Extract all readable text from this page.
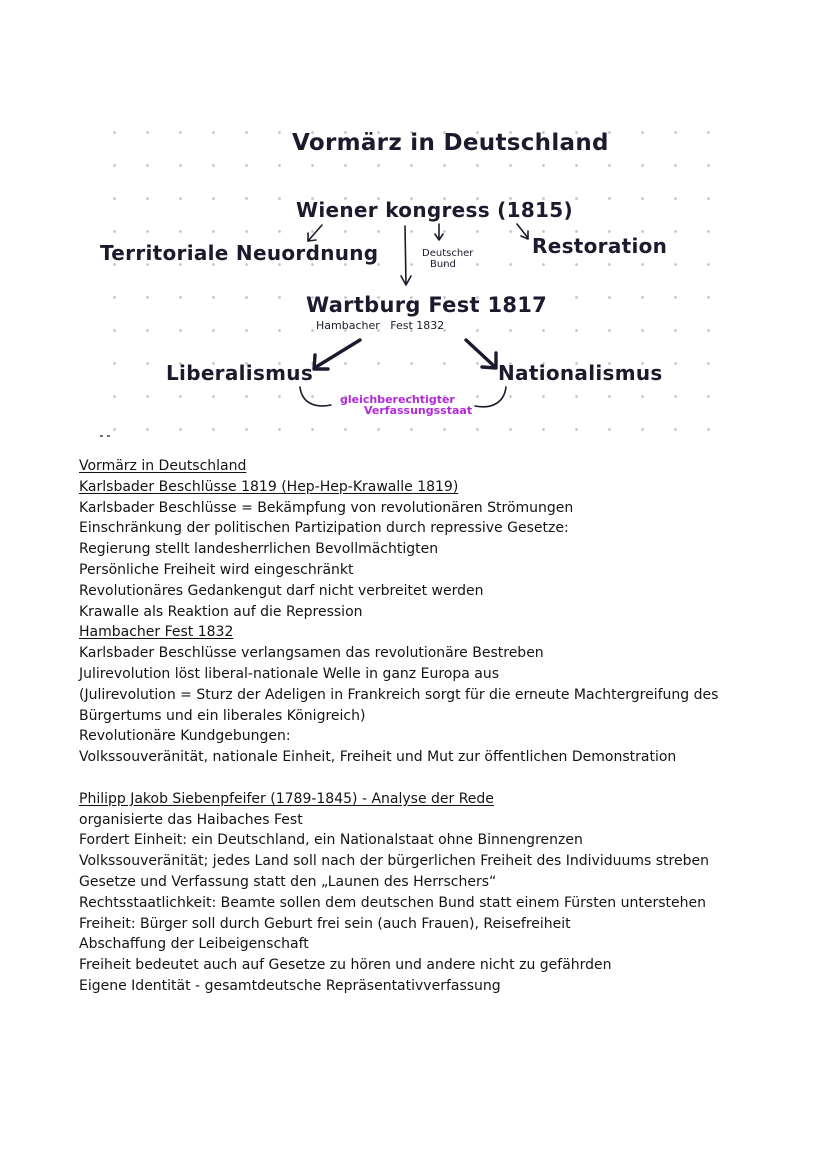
Vormärz in Deutschland
Wiener kongress (1815)
Territoriale Neuordnung	Deutscher
Bund
Restoration
Wartburg Fest 1817
Hambacher   Fest 1832
Liberalismus	Nationalismus
gleichberechtigter
Verfassungsstaat
Vormärz in Deutschland
Karlsbader Beschlüsse 1819 (Hep-Hep-Krawalle 1819)
Karlsbader Beschlüsse = Bekämpfung von revolutionären Strömungen
Einschränkung der politischen Partizipation durch repressive Gesetze:
Regierung stellt landesherrlichen Bevollmächtigten
Persönliche Freiheit wird eingeschränkt
Revolutionäres Gedankengut darf nicht verbreitet werden
Krawalle als Reaktion auf die Repression
Hambacher Fest 1832
Karlsbader Beschlüsse verlangsamen das revolutionäre Bestreben
Julirevolution löst liberal-nationale Welle in ganz Europa aus
(Julirevolution = Sturz der Adeligen in Frankreich sorgt für die erneute Machtergreifung des
Bürgertums und ein liberales Königreich)
Revolutionäre Kundgebungen:
Volkssouveränität, nationale Einheit, Freiheit und Mut zur öffentlichen Demonstration
Philipp Jakob Siebenpfeifer (1789-1845) - Analyse der Rede
organisierte das Haibaches Fest
Fordert Einheit: ein Deutschland, ein Nationalstaat ohne Binnengrenzen
Volkssouveränität; jedes Land soll nach der bürgerlichen Freiheit des Individuums streben
Gesetze und Verfassung statt den „Launen des Herrschers“
Rechtsstaatlichkeit: Beamte sollen dem deutschen Bund statt einem Fürsten unterstehen
Freiheit: Bürger soll durch Geburt frei sein (auch Frauen), Reisefreiheit
Abschaffung der Leibeigenschaft
Freiheit bedeutet auch auf Gesetze zu hören und andere nicht zu gefährden
Eigene Identität - gesamtdeutsche Repräsentativverfassung
